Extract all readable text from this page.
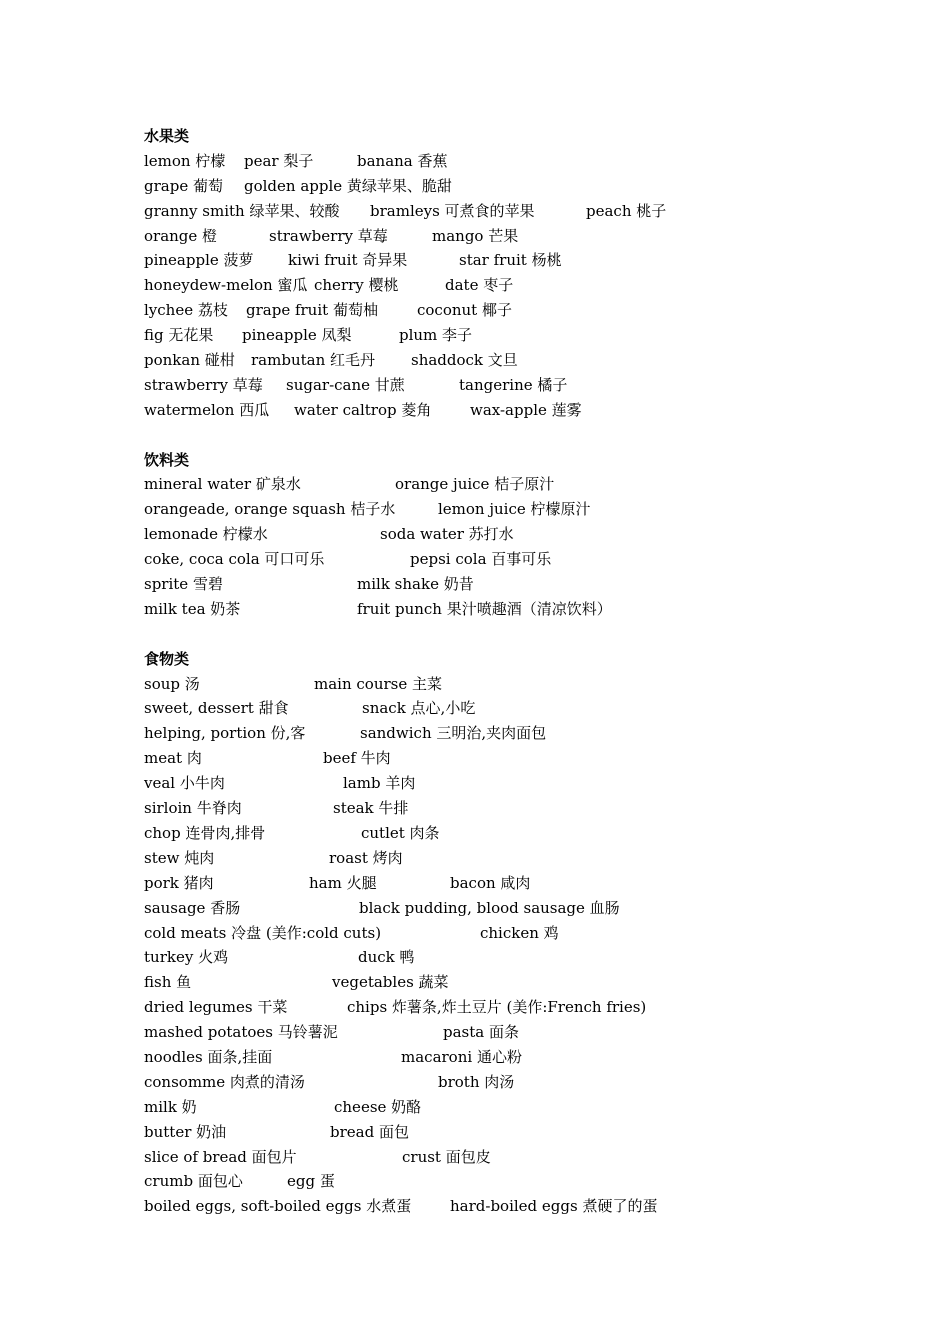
水果类
lemon 柠檬 pear 梨子	banana 香蕉
grape 葡萄 golden apple 黄绿苹果、脆甜
granny smith 绿苹果、较酸 bramleys 可煮食的苹果	peach 桃子
orange 橙	strawberry 草莓	mango 芒果
pineapple 菠萝 kiwi fruit 奇异果	star fruit 杨桃
honeydew-melon 蜜瓜 cherry 樱桃	date 枣子
lychee 荔枝 grape fruit 葡萄柚	coconut 椰子
fig 无花果 pineapple 凤梨	plum 李子
ponkan 碰柑 rambutan 红毛丹 shaddock 文旦
strawberry 草莓 sugar-cane 甘蔗	tangerine 橘子
watermelon 西瓜 water caltrop 菱角	wax-apple 莲雾
饮料类
mineral water 矿泉水	orange juice 桔子原汁
orangeade, orange squash 桔子水	lemon juice 柠檬原汁
lemonade 柠檬水	soda water 苏打水
coke, coca cola 可口可乐	pepsi cola 百事可乐
sprite 雪碧	milk shake 奶昔
milk tea 奶茶	fruit punch 果汁喷趣酒（清凉饮料）
食物类
soup 汤	main course 主菜
sweet, dessert 甜食	snack 点心,小吃
helping, portion 份,客	sandwich 三明治,夹肉面包
meat 肉	beef 牛肉
veal 小牛肉	lamb 羊肉
sirloin 牛脊肉	steak 牛排
chop 连骨肉,排骨	cutlet 肉条
stew 炖肉	roast 烤肉
pork 猪肉	ham 火腿	bacon 咸肉
sausage 香肠	black pudding, blood sausage 血肠
cold meats 冷盘 (美作:cold cuts)	chicken 鸡
turkey 火鸡	duck 鸭
fish 鱼	vegetables 蔬菜
dried legumes 干菜	chips 炸薯条,炸土豆片 (美作:French fries)
mashed potatoes 马铃薯泥	pasta 面条
noodles 面条,挂面	macaroni 通心粉
consomme 肉煮的清汤	broth 肉汤
milk 奶	cheese 奶酪
butter 奶油	bread 面包
slice of bread 面包片	crust 面包皮
crumb 面包心	egg 蛋
boiled eggs, soft-boiled eggs 水煮蛋	hard-boiled eggs 煮硬了的蛋
